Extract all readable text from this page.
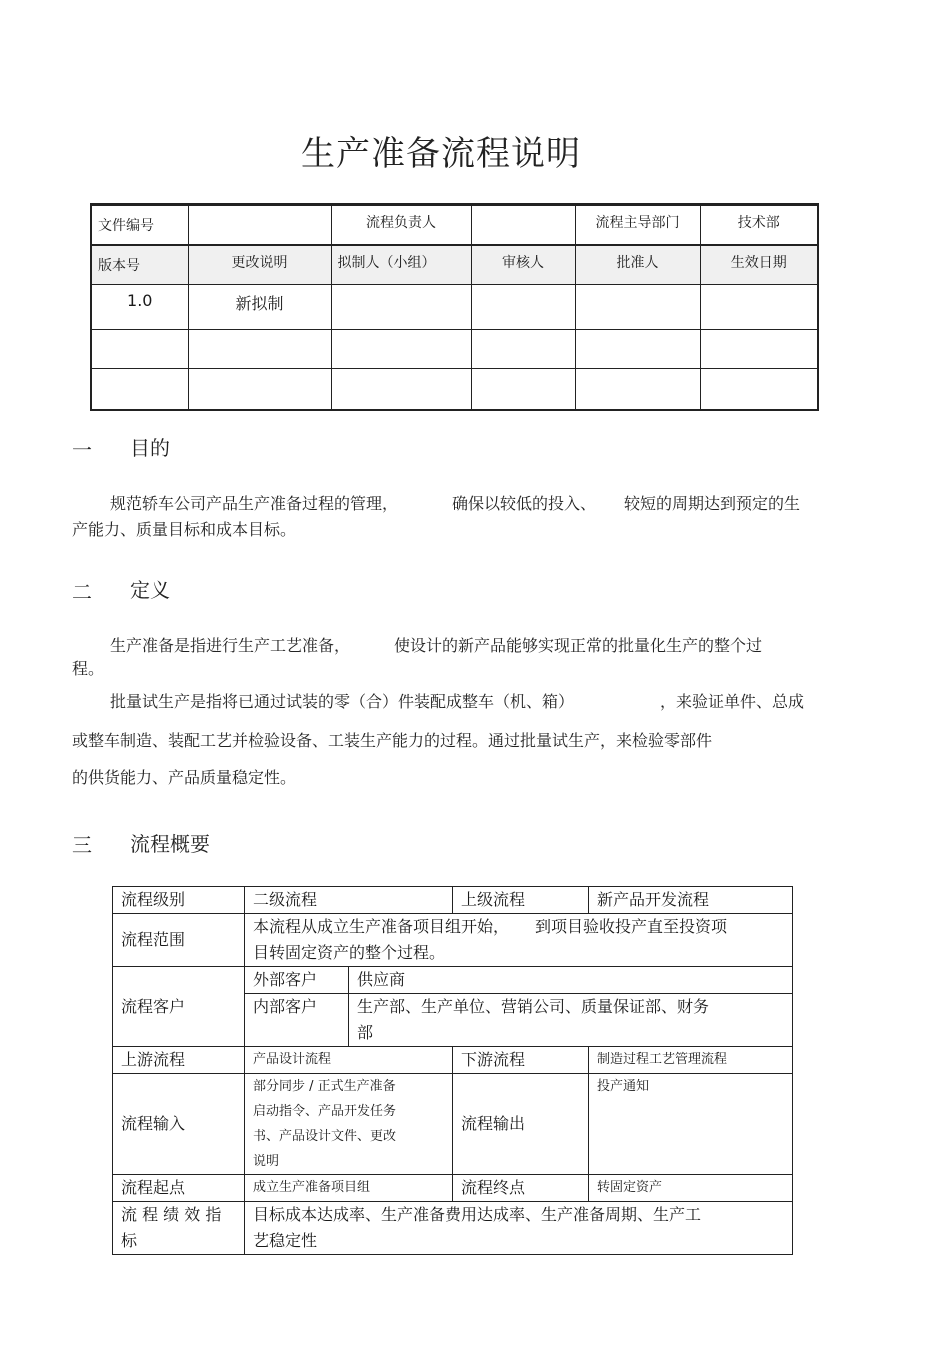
生产准备流程说明
文件编号		流程负责人		流程主导部门	技术部
版本号	更改说明	拟制人（小组）	审核人	批准人	生效日期
1.0	新拟制				

一 目的
规范轿车公司产品生产准备过程的管理，	确保以较低的投入、 较短的周期达到预定的生
产能力、质量目标和成本目标。
二 定义
生产准备是指进行生产工艺准备，	使设计的新产品能够实现正常的批量化生产的整个过
程。
批量试生产是指将已通过试装的零（合）件装配成整车（机、箱）	，来验证单件、总成
或整车制造、装配工艺并检验设备、工装生产能力的过程。通过批量试生产，来检验零部件
的供货能力、产品质量稳定性。
三 流程概要
流程级别	二级流程		上级流程	新产品开发流程
流程范围	本流程从成立生产准备项目组开始， 到项目验收投产直至投资项
目转固定资产的整个过程。			
流程客户	外部客户	供应商		
	内部客户	生产部、生产单位、营销公司、质量保证部、财务
部		
上游流程	产品设计流程		下游流程	制造过程工艺管理流程
流程输入	部分同步 / 正式生产准备
启动指令、产品开发任务
书、产品设计文件、更改
说明		流程输出	投产通知
流程起点	成立生产准备项目组		流程终点	转固定资产
流 程 绩 效 指
标	目标成本达成率、生产准备费用达成率、生产准备周期、生产工
艺稳定性			
